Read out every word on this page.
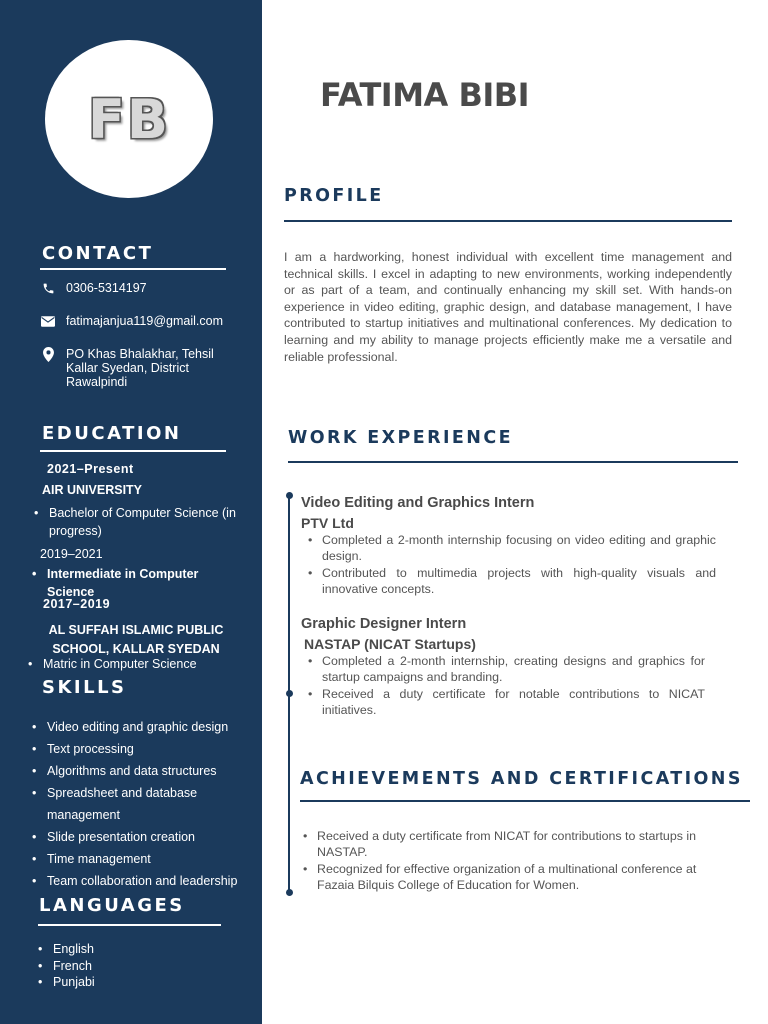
FB
CONTACT
0306-5314197
fatimajanjua119@gmail.com
PO Khas Bhalakhar, Tehsil Kallar Syedan, District Rawalpindi
EDUCATION
2021–Present
AIR UNIVERSITY
• Bachelor of Computer Science (in progress)
2019–2021
• Intermediate in Computer Science
2017–2019
AL SUFFAH ISLAMIC PUBLIC SCHOOL, KALLAR SYEDAN
• Matric in Computer Science
SKILLS
• Video editing and graphic design
• Text processing
• Algorithms and data structures
• Spreadsheet and database management
• Slide presentation creation
• Time management
• Team collaboration and leadership
LANGUAGES
• English
• French
• Punjabi
FATIMA BIBI
PROFILE
I am a hardworking, honest individual with excellent time management and technical skills. I excel in adapting to new environments, working independently or as part of a team, and continually enhancing my skill set. With hands-on experience in video editing, graphic design, and database management, I have contributed to startup initiatives and multinational conferences. My dedication to learning and my ability to manage projects efficiently make me a versatile and reliable professional.
WORK EXPERIENCE
Video Editing and Graphics Intern
PTV Ltd
• Completed a 2-month internship focusing on video editing and graphic design.
• Contributed to multimedia projects with high-quality visuals and innovative concepts.
Graphic Designer Intern
NASTAP (NICAT Startups)
• Completed a 2-month internship, creating designs and graphics for startup campaigns and branding.
• Received a duty certificate for notable contributions to NICAT initiatives.
ACHIEVEMENTS AND CERTIFICATIONS
• Received a duty certificate from NICAT for contributions to startups in NASTAP.
• Recognized for effective organization of a multinational conference at Fazaia Bilquis College of Education for Women.
